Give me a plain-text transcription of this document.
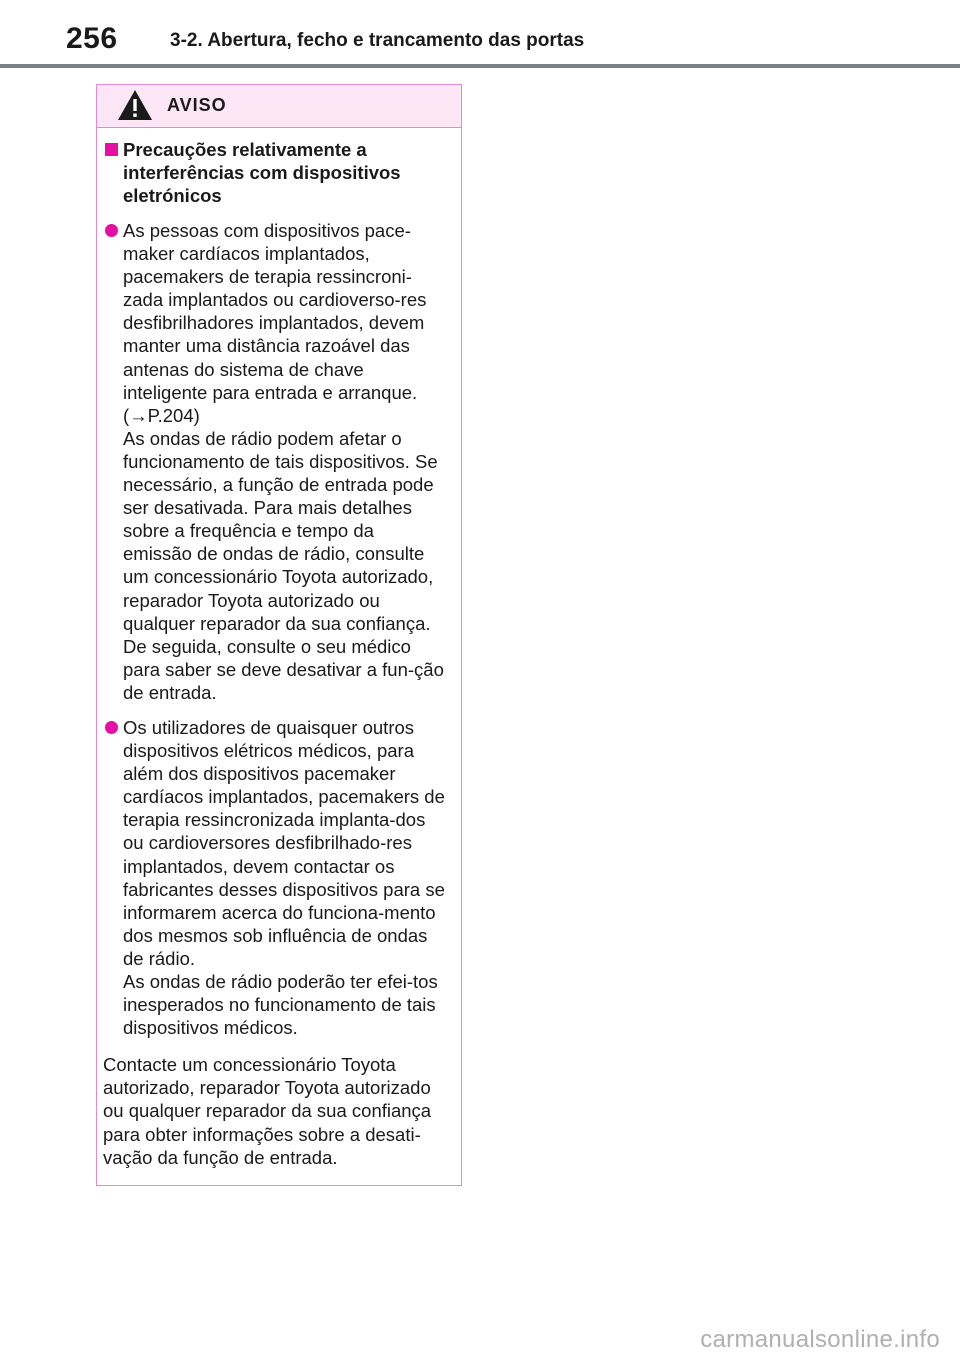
256	3-2. Abertura, fecho e trancamento das portas
AVISO
Precauções relativamente a interferências com dispositivos eletrónicos
As pessoas com dispositivos pace-maker cardíacos implantados, pacemakers de terapia ressincroni-zada implantados ou cardioverso-res desfibrilhadores implantados, devem manter uma distância razoável das antenas do sistema de chave inteligente para entrada e arranque. (→P.204)
As ondas de rádio podem afetar o funcionamento de tais dispositivos. Se necessário, a função de entrada pode ser desativada. Para mais detalhes sobre a frequência e tempo da emissão de ondas de rádio, consulte um concessionário Toyota autorizado, reparador Toyota autorizado ou qualquer reparador da sua confiança. De seguida, consulte o seu médico para saber se deve desativar a fun-ção de entrada.
Os utilizadores de quaisquer outros dispositivos elétricos médicos, para além dos dispositivos pacemaker cardíacos implantados, pacemakers de terapia ressincronizada implanta-dos ou cardioversores desfibrilhado-res implantados, devem contactar os fabricantes desses dispositivos para se informarem acerca do funciona-mento dos mesmos sob influência de ondas de rádio.
As ondas de rádio poderão ter efei-tos inesperados no funcionamento de tais dispositivos médicos.
Contacte um concessionário Toyota autorizado, reparador Toyota autorizado ou qualquer reparador da sua confiança para obter informações sobre a desati-vação da função de entrada.
carmanualsonline.info
